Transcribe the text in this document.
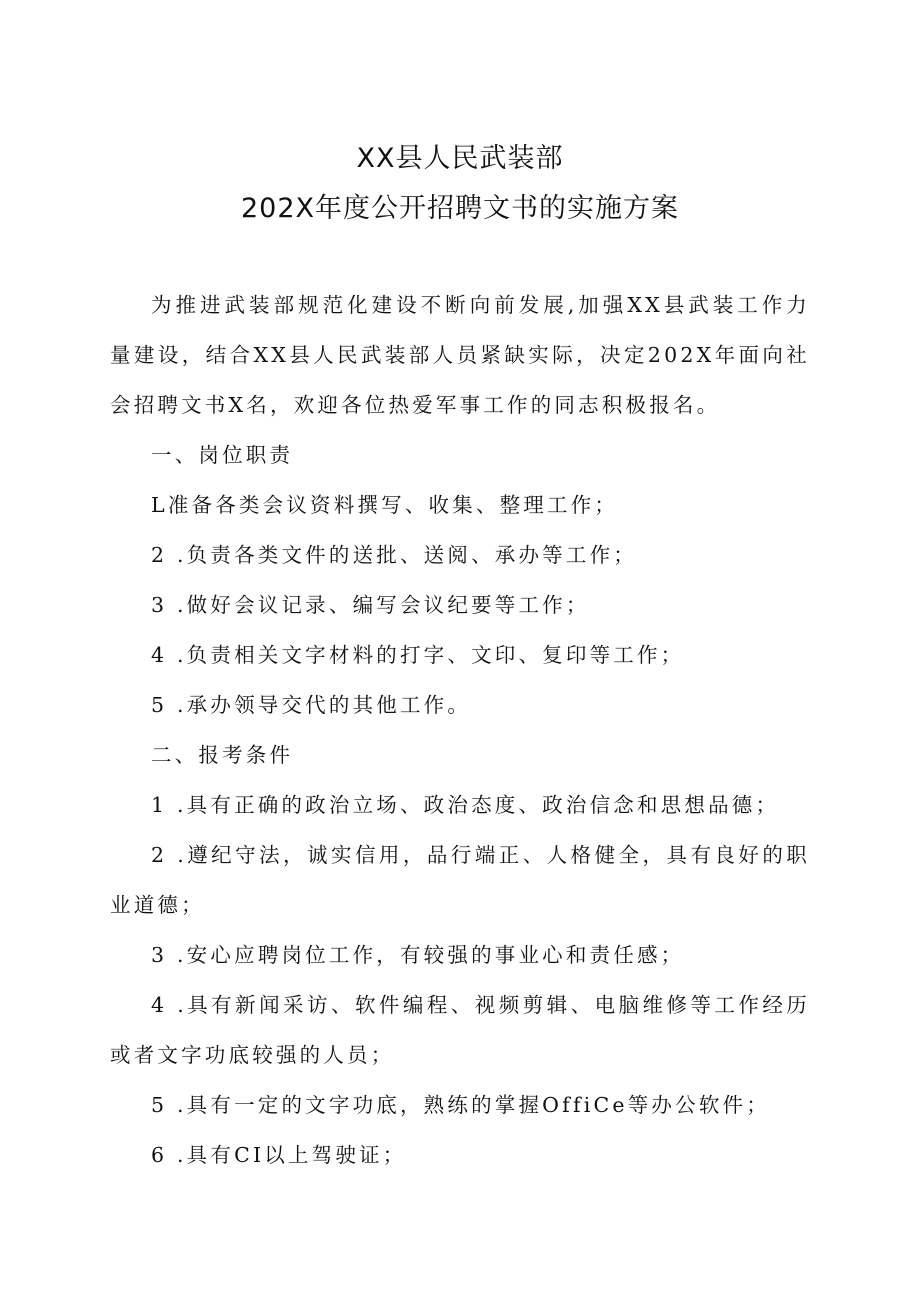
XX县人民武装部
202X年度公开招聘文书的实施方案

为推进武装部规范化建设不断向前发展,加强XX县武装工作力量建设，结合XX县人民武装部人员紧缺实际，决定202X年面向社会招聘文书X名，欢迎各位热爱军事工作的同志积极报名。

一、岗位职责

L准备各类会议资料撰写、收集、整理工作；

2 .负责各类文件的送批、送阅、承办等工作；

3 .做好会议记录、编写会议纪要等工作；

4 .负责相关文字材料的打字、文印、复印等工作；

5 .承办领导交代的其他工作。

二、报考条件

1 .具有正确的政治立场、政治态度、政治信念和思想品德；

2 .遵纪守法，诚实信用，品行端正、人格健全，具有良好的职业道德；

3 .安心应聘岗位工作，有较强的事业心和责任感；

4 .具有新闻采访、软件编程、视频剪辑、电脑维修等工作经历或者文字功底较强的人员；

5 .具有一定的文字功底，熟练的掌握OffiCe等办公软件；

6 .具有CI以上驾驶证；
